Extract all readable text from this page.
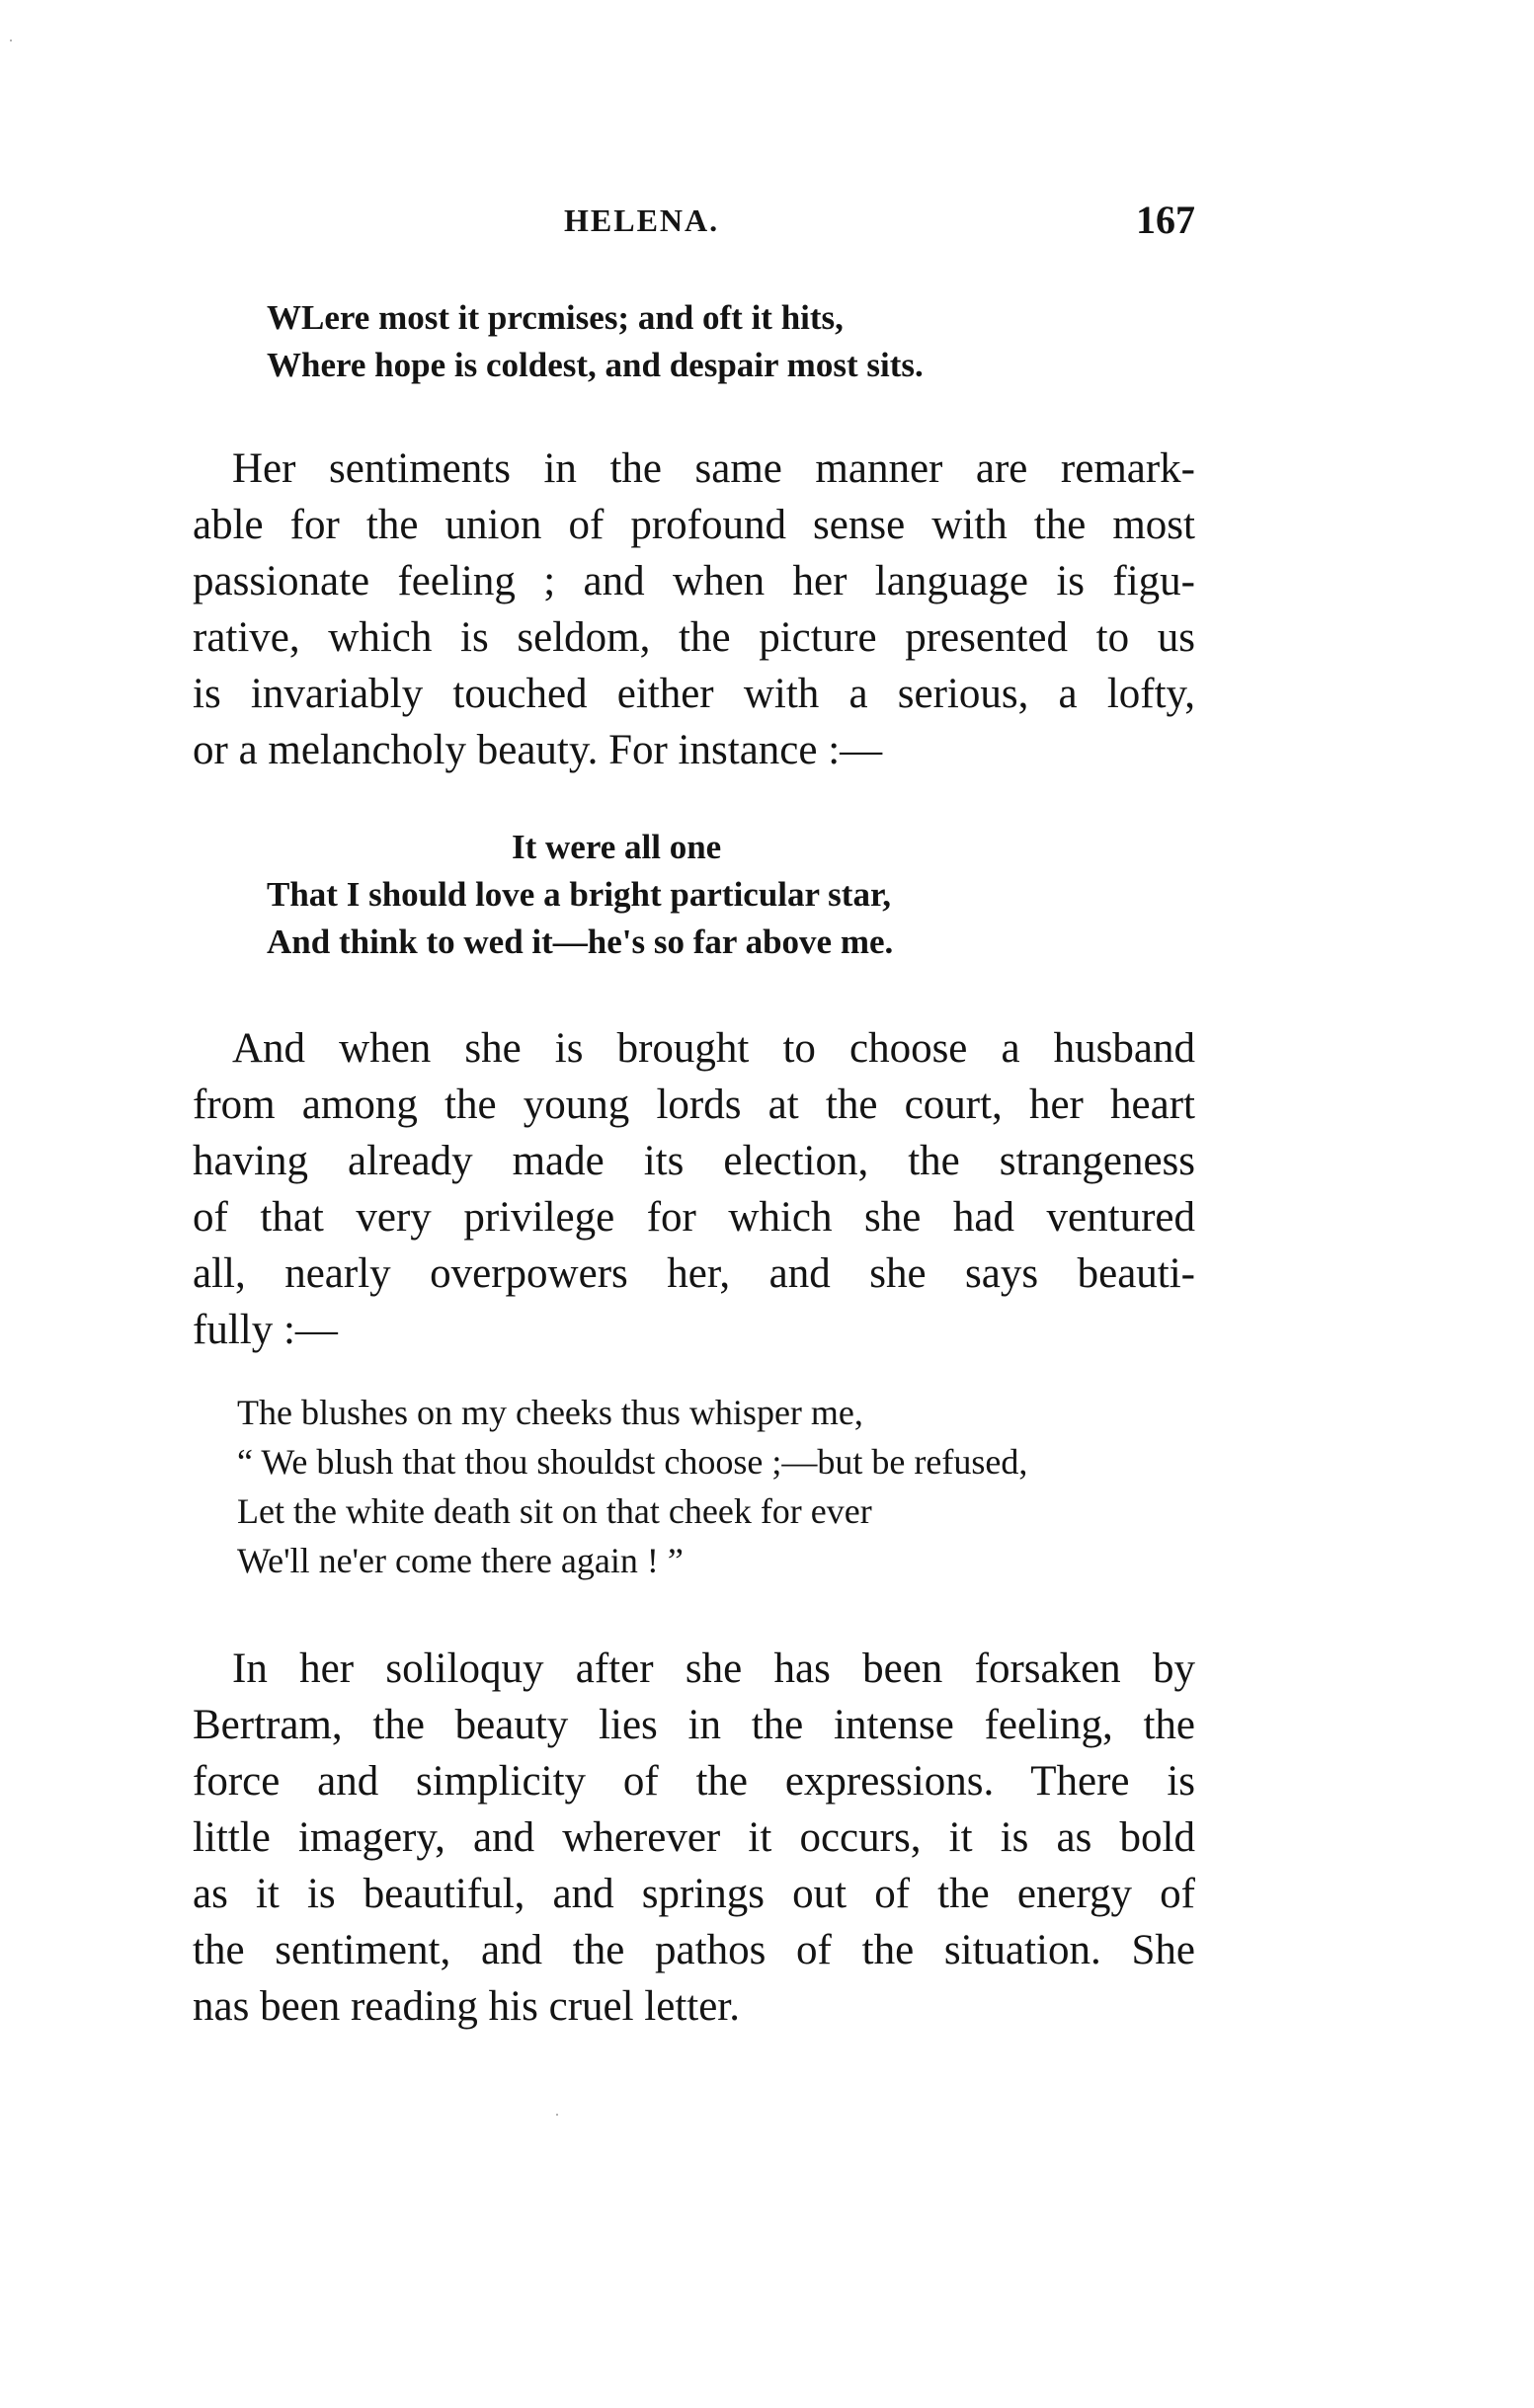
HELENA.	167
WLere most it prcmises; and oft it hits,
Where hope is coldest, and despair most sits.
Her sentiments in the same manner are remark-
able for the union of profound sense with the most
passionate feeling ; and when her language is figu-
rative, which is seldom, the picture presented to us
is invariably touched either with a serious, a lofty,
or a melancholy beauty. For instance :—
It were all one
That I should love a bright particular star,
And think to wed it—he's so far above me.
And when she is brought to choose a husband
from among the young lords at the court, her heart
having already made its election, the strangeness
of that very privilege for which she had ventured
all, nearly overpowers her, and she says beauti-
fully :—
The blushes on my cheeks thus whisper me,
“ We blush that thou shouldst choose ;—but be refused,
Let the white death sit on that cheek for ever
We'll ne'er come there again ! ”
In her soliloquy after she has been forsaken by
Bertram, the beauty lies in the intense feeling, the
force and simplicity of the expressions. There is
little imagery, and wherever it occurs, it is as bold
as it is beautiful, and springs out of the energy of
the sentiment, and the pathos of the situation. She
nas been reading his cruel letter.
